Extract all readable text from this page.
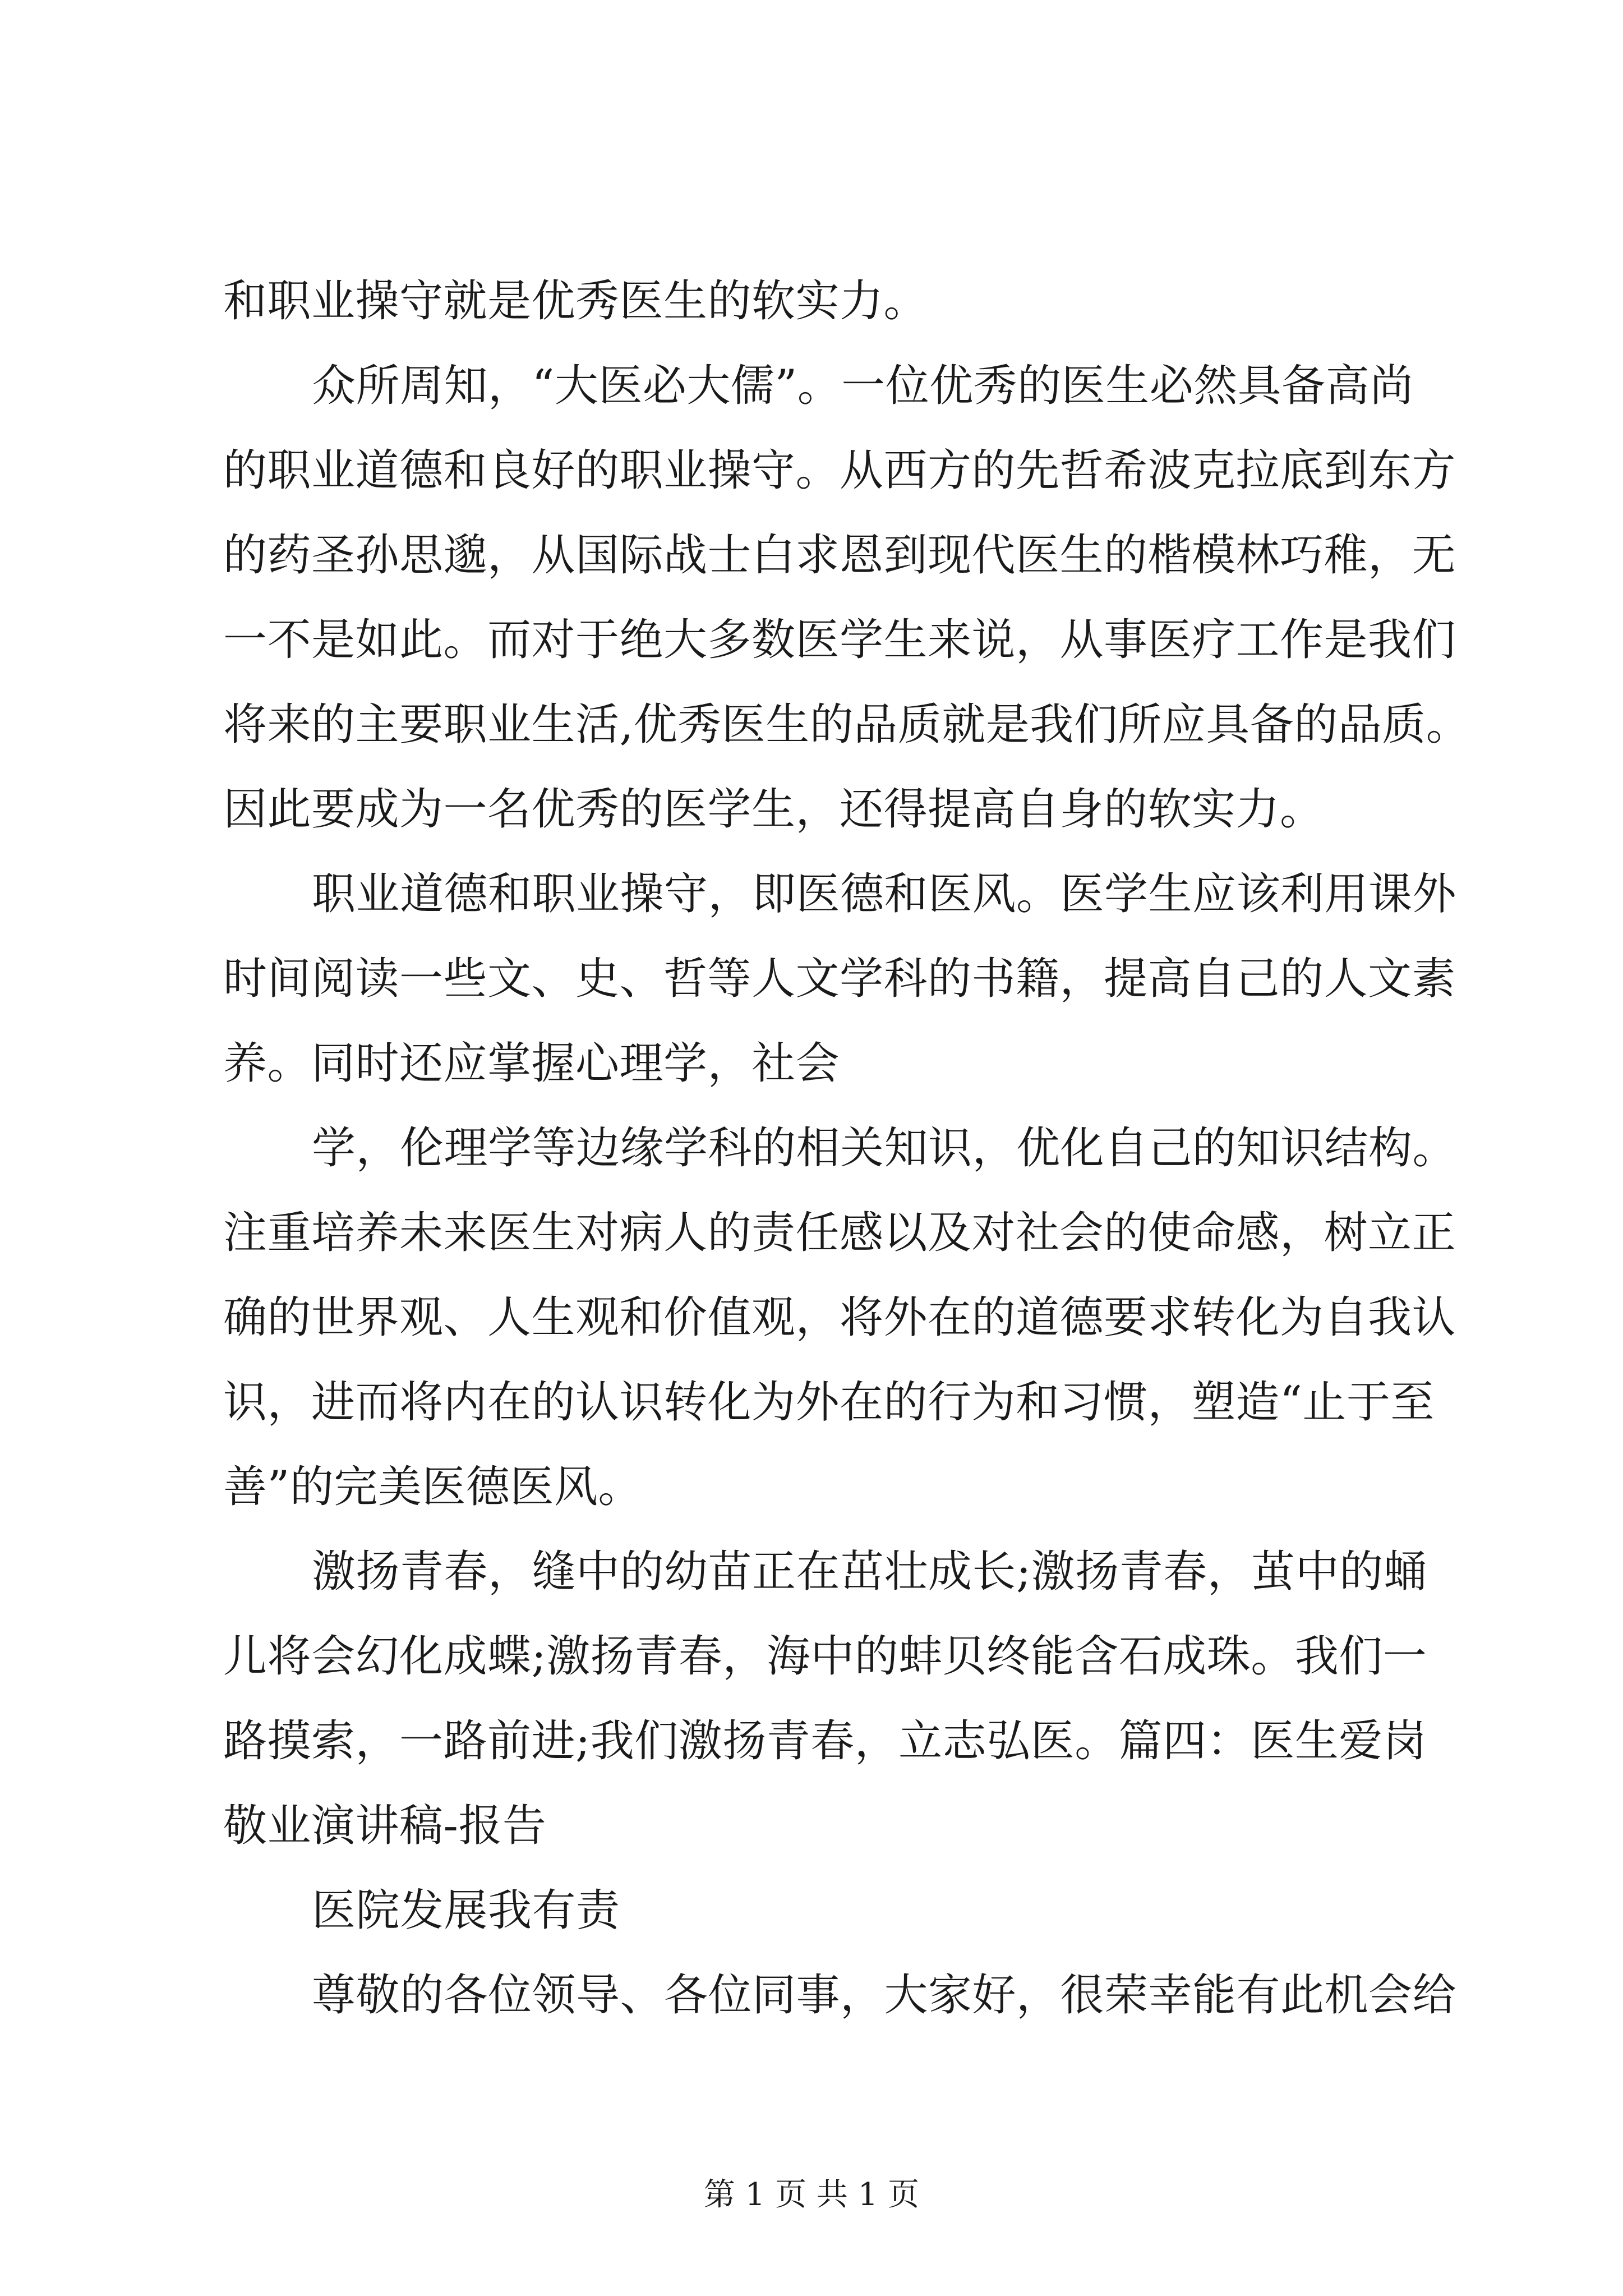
和职业操守就是优秀医生的软实力。
众所周知，“大医必大儒”。一位优秀的医生必然具备高尚
的职业道德和良好的职业操守。从西方的先哲希波克拉底到东方
的药圣孙思邈，从国际战士白求恩到现代医生的楷模林巧稚，无
一不是如此。而对于绝大多数医学生来说，从事医疗工作是我们
将来的主要职业生活,优秀医生的品质就是我们所应具备的品质。
因此要成为一名优秀的医学生，还得提高自身的软实力。
职业道德和职业操守，即医德和医风。医学生应该利用课外
时间阅读一些文、史、哲等人文学科的书籍，提高自己的人文素
养。同时还应掌握心理学，社会
学，伦理学等边缘学科的相关知识，优化自己的知识结构。
注重培养未来医生对病人的责任感以及对社会的使命感，树立正
确的世界观、人生观和价值观，将外在的道德要求转化为自我认
识，进而将内在的认识转化为外在的行为和习惯，塑造“止于至
善”的完美医德医风。
激扬青春，缝中的幼苗正在茁壮成长;激扬青春，茧中的蛹
儿将会幻化成蝶;激扬青春，海中的蚌贝终能含石成珠。我们一
路摸索，一路前进;我们激扬青春，立志弘医。篇四：医生爱岗
敬业演讲稿-报告
医院发展我有责
尊敬的各位领导、各位同事，大家好，很荣幸能有此机会给
第 1 页 共 1 页
